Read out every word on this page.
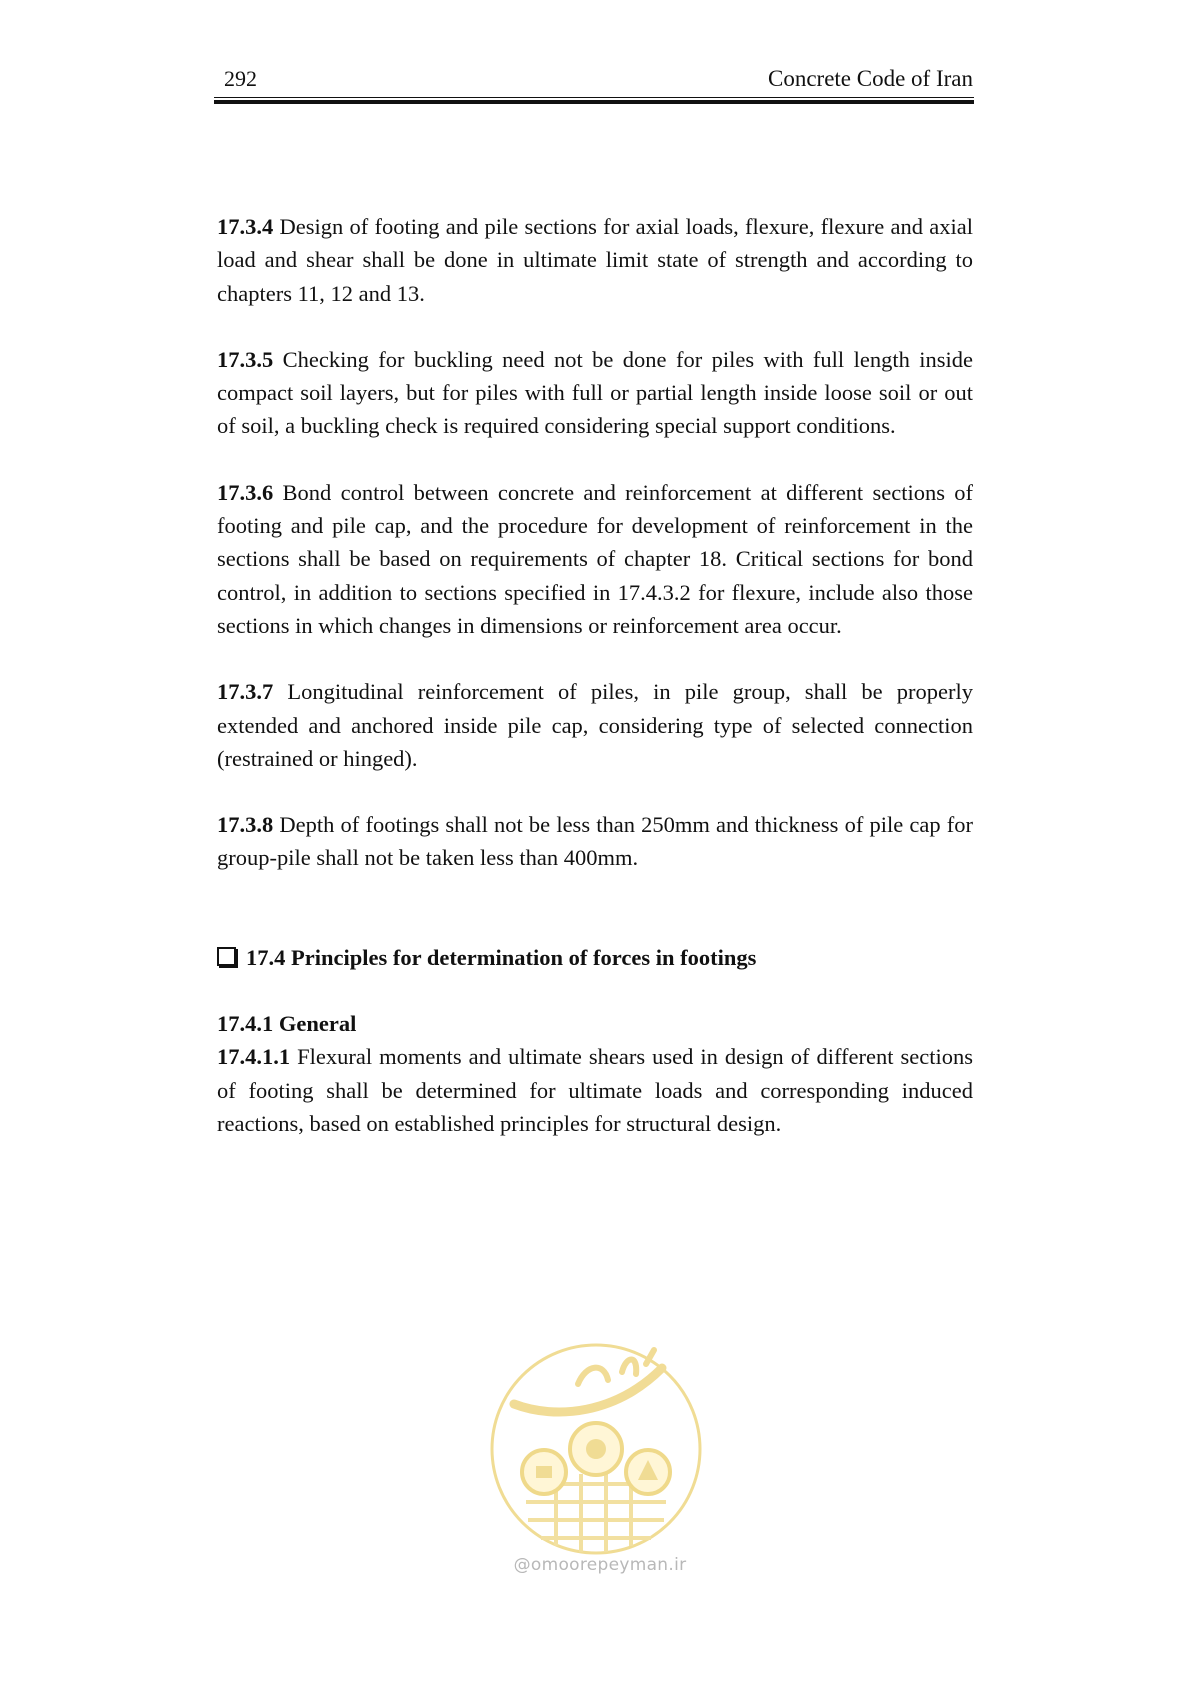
292	Concrete Code of Iran

17.3.4 Design of footing and pile sections for axial loads, flexure, flexure and axial load and shear shall be done in ultimate limit state of strength and according to chapters 11, 12 and 13.

17.3.5 Checking for buckling need not be done for piles with full length inside compact soil layers, but for piles with full or partial length inside loose soil or out of soil, a buckling check is required considering special support conditions.

17.3.6 Bond control between concrete and reinforcement at different sections of footing and pile cap, and the procedure for development of reinforcement in the sections shall be based on requirements of chapter 18. Critical sections for bond control, in addition to sections specified in 17.4.3.2 for flexure, include also those sections in which changes in dimensions or reinforcement area occur.

17.3.7 Longitudinal reinforcement of piles, in pile group, shall be properly extended and anchored inside pile cap, considering type of selected connection (restrained or hinged).

17.3.8 Depth of footings shall not be less than 250mm and thickness of pile cap for group-pile shall not be taken less than 400mm.

17.4 Principles for determination of forces in footings

17.4.1 General

17.4.1.1 Flexural moments and ultimate shears used in design of different sections of footing shall be determined for ultimate loads and corresponding induced reactions, based on established principles for structural design.

@omoorepeyman.ir
